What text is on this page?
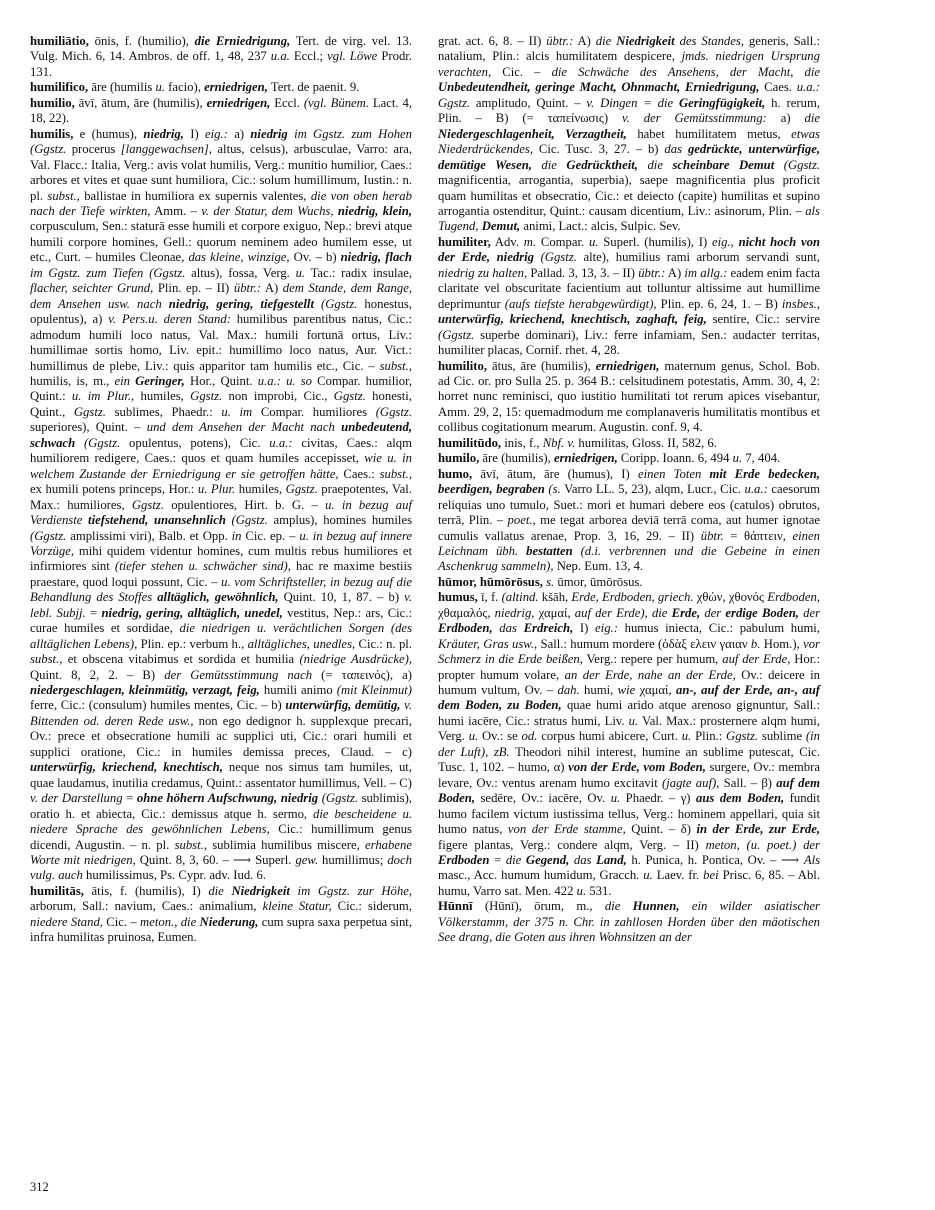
humiliātio, ōnis, f. (humilio), die Erniedrigung, Tert. de virg. vel. 13. Vulg. Mich. 6, 14. Ambros. de off. 1, 48, 237 u.a. Eccl.; vgl. Löwe Prodr. 131.

humilifico, āre (humilis u. facio), erniedrigen, Tert. de paenit. 9.

humilio, āvī, ātum, āre (humilis), erniedrigen, Eccl. (vgl. Bünem. Lact. 4, 18, 22).

humilis, e (humus), niedrig, I) eig.: a) niedrig im Ggstz. zum Hohen (Ggstz. procerus [langgewachsen], altus, celsus), arbusculae, Varro: ara, Val. Flacc.: Italia, Verg.: avis volat humilis, Verg.: munitio humilior, Caes.: arbores et vites et quae sunt humiliora, Cic.: solum humillimum, Iustin.: n. pl. subst., ballistae in humiliora ex supernis valentes, die von oben herab nach der Tiefe wirkten, Amm. – v. der Statur, dem Wuchs, niedrig, klein, corpusculum, Sen.: staturā esse humili et corpore exiguo, Nep.: brevi atque humili corpore homines, Gell.: quorum neminem adeo humilem esse, ut etc., Curt. – humiles Cleonae, das kleine, winzige, Ov. – b) niedrig, flach im Ggstz. zum Tiefen (Ggstz. altus), fossa, Verg. u. Tac.: radix insulae, flacher, seichter Grund, Plin. ep. – II) übtr.: A) dem Stande, dem Range, dem Ansehen usw. nach niedrig, gering, tiefgestellt (Ggstz. honestus, opulentus), a) v. Pers.u. deren Stand: humilibus parentibus natus, Cic.: admodum humili loco natus, Val. Max.: humili fortunā ortus, Liv.: humillimae sortis homo, Liv. epit.: humillimo loco natus, Aur. Vict.: humillimus de plebe, Liv.: quis apparitor tam humilis etc., Cic. – subst., humilis, is, m., ein Geringer, Hor., Quint. u.a.: u. so Compar. humilior, Quint.: u. im Plur., humiles, Ggstz. non improbi, Cic., Ggstz. honesti, Quint., Ggstz. sublimes, Phaedr.: u. im Compar. humiliores (Ggstz. superiores), Quint. – und dem Ansehen der Macht nach unbedeutend, schwach (Ggstz. opulentus, potens), Cic. u.a.: civitas, Caes.: alqm humiliorem redigere, Caes.: quos et quam humiles accepisset, wie u. in welchem Zustande der Erniedrigung er sie getroffen hätte, Caes.: subst., ex humili potens princeps, Hor.: u. Plur. humiles, Ggstz. praepotentes, Val. Max.: humiliores, Ggstz. opulentiores, Hirt. b. G. – u. in bezug auf Verdienste tiefstehend, unansehnlich (Ggstz. amplus), homines humiles (Ggstz. amplissimi viri), Balb. et Opp. in Cic. ep. – u. in bezug auf innere Vorzüge, mihi quidem videntur homines, cum multis rebus humiliores et infirmiores sint (tiefer stehen u. schwächer sind), hac re maxime bestiis praestare, quod loqui possunt, Cic. – u. vom Schriftsteller, in bezug auf die Behandlung des Stoffes alltäglich, gewöhnlich, Quint. 10, 1, 87. – b) v. lebl. Subjj. = niedrig, gering, alltäglich, unedel, vestitus, Nep.: ars, Cic.: curae humiles et sordidae, die niedrigen u. verächtlichen Sorgen (des alltäglichen Lebens), Plin. ep.: verbum h., alltägliches, unedles, Cic.: n. pl. subst., et obscena vitabimus et sordida et humilia (niedrige Ausdrücke), Quint. 8, 2, 2. – B) der Gemütsstimmung nach (= ταπεινός), a) niedergeschlagen, kleinmütig, verzagt, feig, humili animo (mit Kleinmut) ferre, Cic.: (consulum) humiles mentes, Cic. – b) unterwürfig, demütig, v. Bittenden od. deren Rede usw., non ego dedignor h. supplexque precari, Ov.: prece et obsecratione humili ac supplici uti, Cic.: orari humili et supplici oratione, Cic.: in humiles demissa preces, Claud. – c) unterwürfig, kriechend, knechtisch, neque nos simus tam humiles, ut, quae laudamus, inutilia credamus, Quint.: assentator humillimus, Vell. – C) v. der Darstellung = ohne höhern Aufschwung, niedrig (Ggstz. sublimis), oratio h. et abiecta, Cic.: demissus atque h. sermo, die bescheidene u. niedere Sprache des gewöhnlichen Lebens, Cic.: humillimum genus dicendi, Augustin. – n. pl. subst., sublimia humilibus miscere, erhabene Worte mit niedrigen, Quint. 8, 3, 60. – ⟶ Superl. gew. humillimus; doch vulg. auch humilissimus, Ps. Cypr. adv. Iud. 6.

humilitās, ātis, f. (humilis), I) die Niedrigkeit im Ggstz. zur Höhe, arborum, Sall.: navium, Caes.: animalium, kleine Statur, Cic.: siderum, niedere Stand, Cic. – meton., die Niederung, cum supra saxa perpetua sint, infra humilitas pruinosa, Eumen.

grat. act. 6, 8. – II) übtr.: A) die Niedrigkeit des Standes, generis, Sall.: natalium, Plin.: alcis humilitatem despicere, jmds. niedrigen Ursprung verachten, Cic. – die Schwäche des Ansehens, der Macht, die Unbedeutendheit, geringe Macht, Ohnmacht, Erniedrigung, Caes. u.a.: Ggstz. amplitudo, Quint. – v. Dingen = die Geringfügigkeit, h. rerum, Plin. – B) (= ταπείνωσις) v. der Gemütsstimmung: a) die Niedergeschlagenheit, Verzagtheit, habet humilitatem metus, etwas Niederdrückendes, Cic. Tusc. 3, 27. – b) das gedrückte, unterwürfige, demütige Wesen, die Gedrücktheit, die scheinbare Demut (Ggstz. magnificentia, arrogantia, superbia), saepe magnificentia plus proficit quam humilitas et obsecratio, Cic.: et deiecto (capite) humilitas et supino arrogantia ostenditur, Quint.: causam dicentium, Liv.: asinorum, Plin. – als Tugend, Demut, animi, Lact.: alcis, Sulpic. Sev.

humiliter, Adv. m. Compar. u. Superl. (humilis), I) eig., nicht hoch von der Erde, niedrig (Ggstz. alte), humilius rami arborum servandi sunt, niedrig zu halten, Pallad. 3, 13, 3. – II) übtr.: A) im allg.: eadem enim facta claritate vel obscuritate facientium aut tolluntur altissime aut humillime deprimuntur (aufs tiefste herabgewürdigt), Plin. ep. 6, 24, 1. – B) insbes., unterwürfig, kriechend, knechtisch, zaghaft, feig, sentire, Cic.: servire (Ggstz. superbe dominari), Liv.: ferre infamiam, Sen.: audacter territas, humiliter placas, Cornif. rhet. 4, 28.

humilito, ātus, āre (humilis), erniedrigen, maternum genus, Schol. Bob. ad Cic. or. pro Sulla 25. p. 364 B.: celsitudinem potestatis, Amm. 30, 4, 2: horret nunc reminisci, quo iustitio humilitati tot rerum apices visebantur, Amm. 29, 2, 15: quemadmodum me complanaveris humilitatis montibus et collibus cogitationum mearum. Augustin. conf. 9, 4.

humilitūdo, inis, f., Nbf. v. humilitas, Gloss. II, 582, 6.

humilo, āre (humilis), erniedrigen, Coripp. Ioann. 6, 494 u. 7, 404.

humo, āvī, ātum, āre (humus), I) einen Toten mit Erde bedecken, beerdigen, begraben (s. Varro LL. 5, 23), alqm, Lucr., Cic. u.a.: caesorum reliquias uno tumulo, Suet.: mori et humari debere eos (catulos) obrutos, terrā, Plin. – poet., me tegat arborea deviā terrā coma, aut humer ignotae cumulis vallatus arenae, Prop. 3, 16, 29. – II) übtr. = θάπτειν, einen Leichnam übh. bestatten (d.i. verbrennen und die Gebeine in einen Aschenkrug sammeln), Nep. Eum. 13, 4.

hūmor, hūmōrōsus, s. ūmor, ūmōrōsus.

humus, ī, f. (altind. kšāh, Erde, Erdboden, griech. χθών, χθονός Erdboden, χθαμαλός, niedrig, χαμαί, auf der Erde), die Erde, der erdige Boden, der Erdboden, das Erdreich, I) eig.: humus iniecta, Cic.: pabulum humi, Kräuter, Gras usw., Sall.: humum mordere (ὀδὰξ ελειν γαιαν b. Hom.), vor Schmerz in die Erde beißen, Verg.: repere per humum, auf der Erde, Hor.: propter humum volare, an der Erde, nahe an der Erde, Ov.: deicere in humum vultum, Ov. – dah. humi, wie χαμαί, an-, auf der Erde, an-, auf dem Boden, zu Boden, quae humi arido atque arenoso gignuntur, Sall.: humi iacēre, Cic.: stratus humi, Liv. u. Val. Max.: prosternere alqm humi, Verg. u. Ov.: se od. corpus humi abicere, Curt. u. Plin.: Ggstz. sublime (in der Luft), zB. Theodori nihil interest, humine an sublime putescat, Cic. Tusc. 1, 102. – humo, α) von der Erde, vom Boden, surgere, Ov.: membra levare, Ov.: ventus arenam humo excitavit (jagte auf), Sall. – β) auf dem Boden, sedēre, Ov.: iacēre, Ov. u. Phaedr. – γ) aus dem Boden, fundit humo facilem victum iustissima tellus, Verg.: hominem appellari, quia sit humo natus, von der Erde stamme, Quint. – δ) in der Erde, zur Erde, figere plantas, Verg.: condere alqm, Verg. – II) meton, (u. poet.) der Erdboden = die Gegend, das Land, h. Punica, h. Pontica, Ov. – ⟶ Als masc., Acc. humum humidum, Gracch. u. Laev. fr. bei Prisc. 6, 85. – Abl. humu, Varro sat. Men. 422 u. 531.

Hūnnī (Hūnī), ōrum, m., die Hunnen, ein wilder asiatischer Völkerstamm, der 375 n. Chr. in zahllosen Horden über den mäotischen See drang, die Goten aus ihren Wohnsitzen an der

312
